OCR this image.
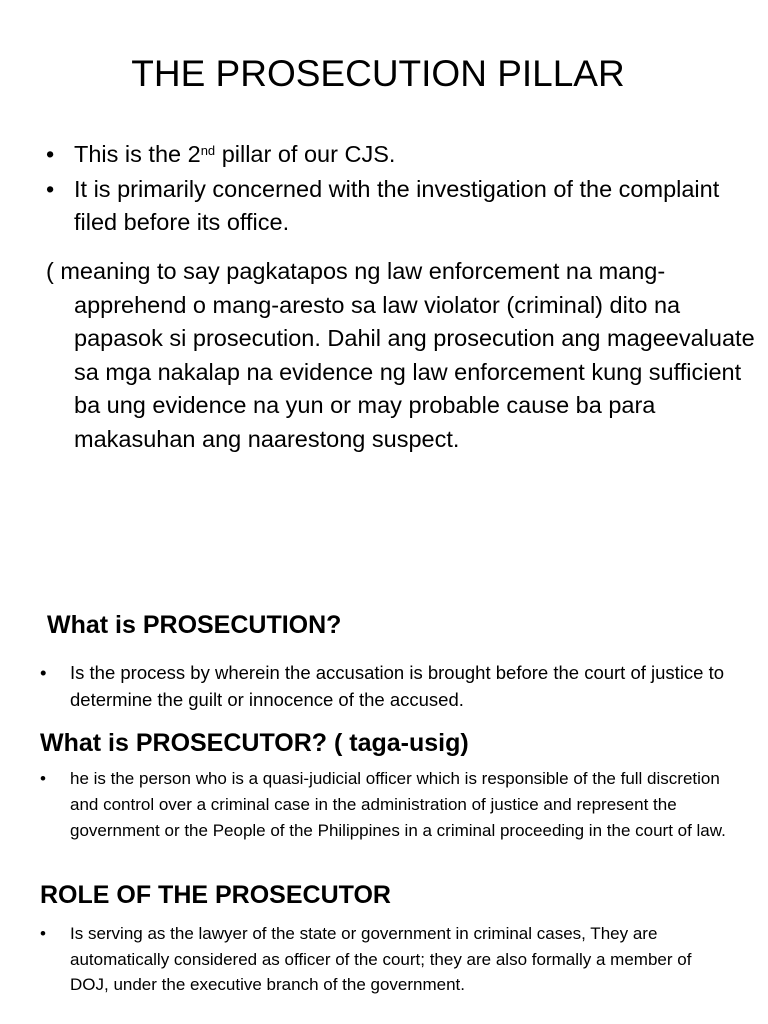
THE PROSECUTION PILLAR
• This is the 2nd pillar of our CJS.
• It is primarily concerned with the investigation of the complaint filed before its office.

( meaning to say pagkatapos ng law enforcement na mang-apprehend o mang-aresto sa law violator (criminal) dito na papasok si prosecution. Dahil ang prosecution ang mageevaluate sa mga nakalap na evidence ng law enforcement kung sufficient ba ung evidence na yun or may probable cause ba para makasuhan ang naarestong suspect.

What is PROSECUTION?
• Is the process by wherein the accusation is brought before the court of justice to determine the guilt or innocence of the accused.
What is PROSECUTOR? ( taga-usig)
• he is the person who is a quasi-judicial officer which is responsible of the full discretion and control over a criminal case in the administration of justice and represent the government or the People of the Philippines in a criminal proceeding in the court of law.
ROLE OF THE PROSECUTOR
• Is serving as the lawyer of the state or government in criminal cases, They are automatically considered as officer of the court; they are also formally a member of DOJ, under the executive branch of the government.
